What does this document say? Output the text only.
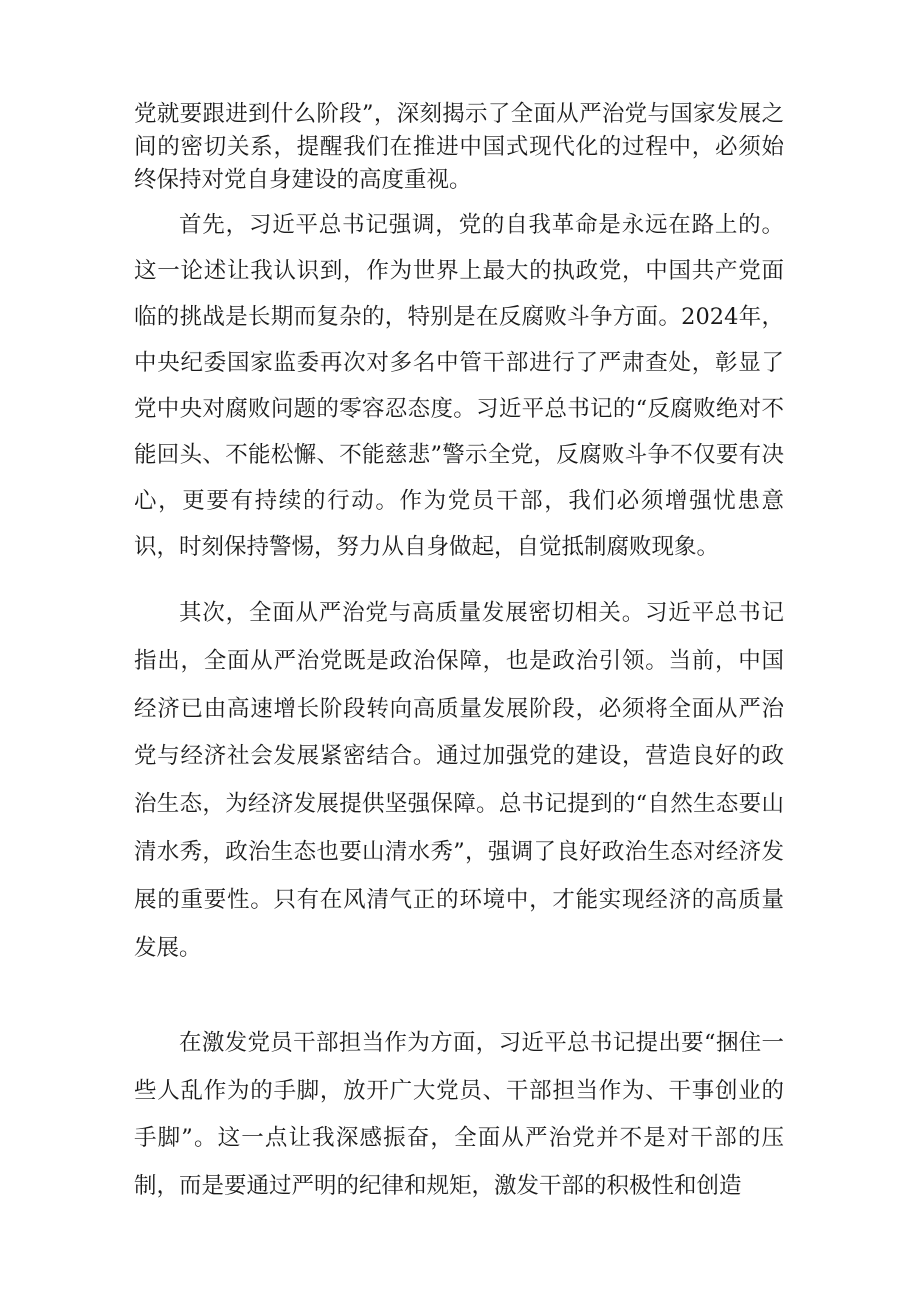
党就要跟进到什么阶段”，深刻揭示了全面从严治党与国家发展之间的密切关系，提醒我们在推进中国式现代化的过程中，必须始终保持对党自身建设的高度重视。

首先，习近平总书记强调，党的自我革命是永远在路上的。这一论述让我认识到，作为世界上最大的执政党，中国共产党面临的挑战是长期而复杂的，特别是在反腐败斗争方面。2024年，中央纪委国家监委再次对多名中管干部进行了严肃查处，彰显了党中央对腐败问题的零容忍态度。习近平总书记的“反腐败绝对不能回头、不能松懈、不能慈悲”警示全党，反腐败斗争不仅要有决心，更要有持续的行动。作为党员干部，我们必须增强忧患意识，时刻保持警惕，努力从自身做起，自觉抵制腐败现象。

其次，全面从严治党与高质量发展密切相关。习近平总书记指出，全面从严治党既是政治保障，也是政治引领。当前，中国经济已由高速增长阶段转向高质量发展阶段，必须将全面从严治党与经济社会发展紧密结合。通过加强党的建设，营造良好的政治生态，为经济发展提供坚强保障。总书记提到的“自然生态要山清水秀，政治生态也要山清水秀”，强调了良好政治生态对经济发展的重要性。只有在风清气正的环境中，才能实现经济的高质量发展。

在激发党员干部担当作为方面，习近平总书记提出要“捆住一些人乱作为的手脚，放开广大党员、干部担当作为、干事创业的手脚”。这一点让我深感振奋，全面从严治党并不是对干部的压制，而是要通过严明的纪律和规矩，激发干部的积极性和创造
